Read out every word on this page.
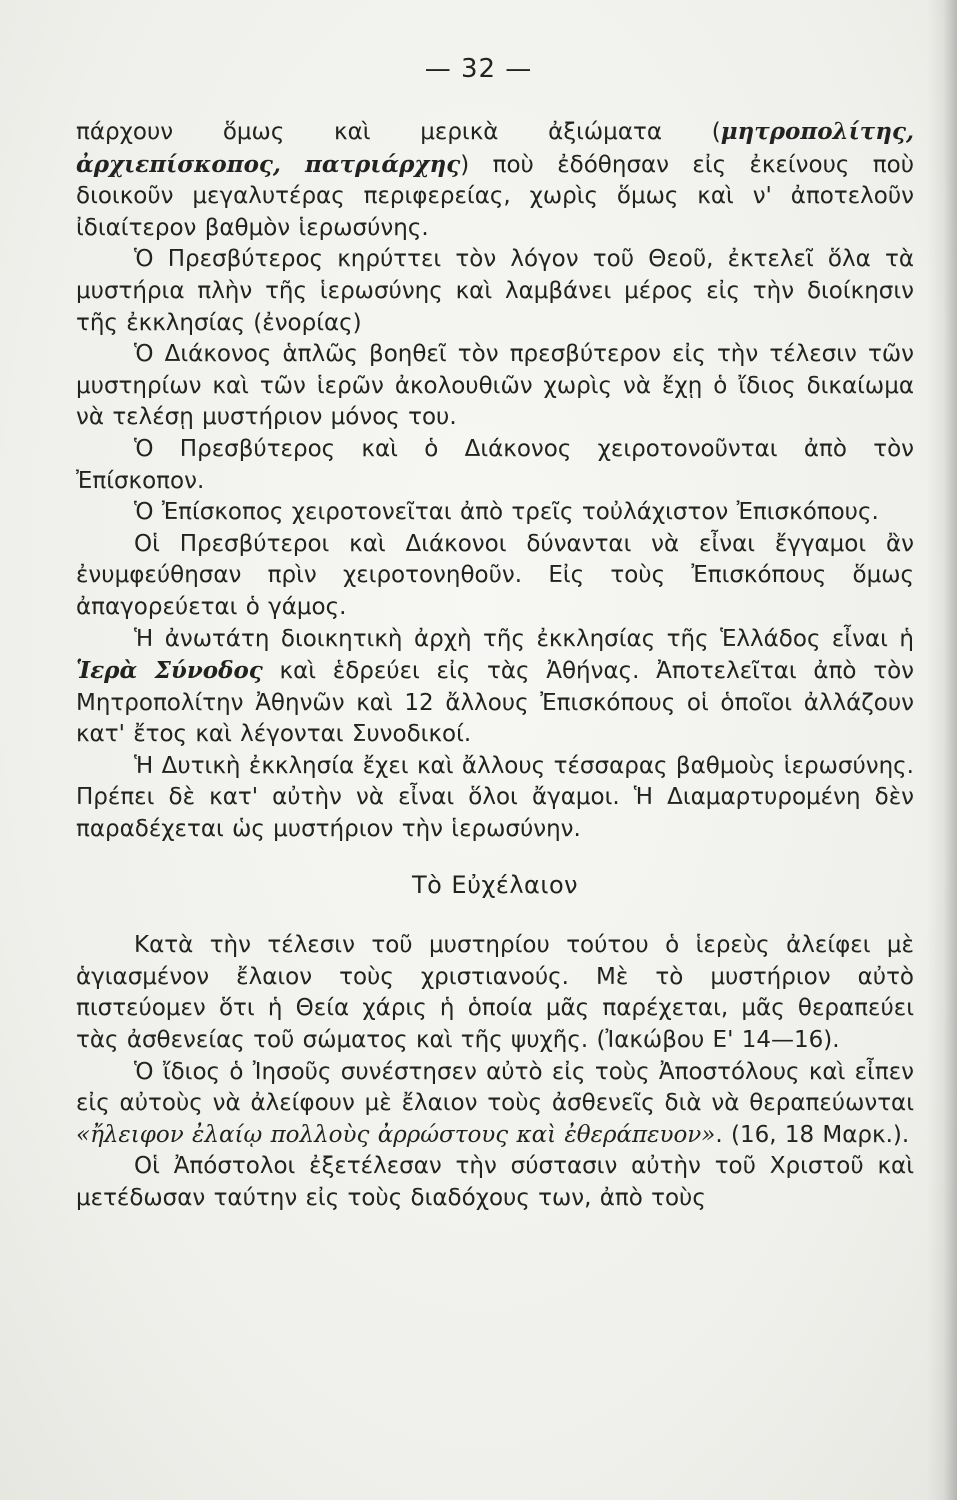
— 32 —

πάρχουν ὅμως καὶ μερικὰ ἀξιώματα (μητροπολίτης, ἀρχιεπίσκοπος, πατριάρχης) ποὺ ἐδόθησαν εἰς ἐκείνους ποὺ διοικοῦν μεγαλυτέρας περιφερείας, χωρὶς ὅμως καὶ ν' ἀποτελοῦν ἰδιαίτερον βαθμὸν ἱερωσύνης.

Ὁ Πρεσβύτερος κηρύττει τὸν λόγον τοῦ Θεοῦ, ἐκτελεῖ ὅλα τὰ μυστήρια πλὴν τῆς ἱερωσύνης καὶ λαμβάνει μέρος εἰς τὴν διοίκησιν τῆς ἐκκλησίας (ἐνορίας)

Ὁ Διάκονος ἁπλῶς βοηθεῖ τὸν πρεσβύτερον εἰς τὴν τέλεσιν τῶν μυστηρίων καὶ τῶν ἱερῶν ἀκολουθιῶν χωρὶς νὰ ἔχῃ ὁ ἴδιος δικαίωμα νὰ τελέσῃ μυστήριον μόνος του.

Ὁ Πρεσβύτερος καὶ ὁ Διάκονος χειροτονοῦνται ἀπὸ τὸν Ἐπίσκοπον.

Ὁ Ἐπίσκοπος χειροτονεῖται ἀπὸ τρεῖς τοὐλάχιστον Ἐπισκόπους.

Οἱ Πρεσβύτεροι καὶ Διάκονοι δύνανται νὰ εἶναι ἔγγαμοι ἂν ἐνυμφεύθησαν πρὶν χειροτονηθοῦν. Εἰς τοὺς Ἐπισκόπους ὅμως ἀπαγορεύεται ὁ γάμος.

Ἡ ἀνωτάτη διοικητικὴ ἀρχὴ τῆς ἐκκλησίας τῆς Ἑλλάδος εἶναι ἡ Ἱερὰ Σύνοδος καὶ ἑδρεύει εἰς τὰς Ἀθήνας. Ἀποτελεῖται ἀπὸ τὸν Μητροπολίτην Ἀθηνῶν καὶ 12 ἄλλους Ἐπισκόπους οἱ ὁποῖοι ἀλλάζουν κατ' ἔτος καὶ λέγονται Συνοδικοί.

Ἡ Δυτικὴ ἐκκλησία ἔχει καὶ ἄλλους τέσσαρας βαθμοὺς ἱερωσύνης. Πρέπει δὲ κατ' αὐτὴν νὰ εἶναι ὅλοι ἄγαμοι. Ἡ Διαμαρτυρομένη δὲν παραδέχεται ὡς μυστήριον τὴν ἱερωσύνην.

Τὸ Εὐχέλαιον

Κατὰ τὴν τέλεσιν τοῦ μυστηρίου τούτου ὁ ἱερεὺς ἀλείφει μὲ ἁγιασμένον ἔλαιον τοὺς χριστιανούς. Μὲ τὸ μυστήριον αὐτὸ πιστεύομεν ὅτι ἡ Θεία χάρις ἡ ὁποία μᾶς παρέχεται, μᾶς θεραπεύει τὰς ἀσθενείας τοῦ σώματος καὶ τῆς ψυχῆς. (Ἰακώβου Ε' 14—16).

Ὁ ἴδιος ὁ Ἰησοῦς συνέστησεν αὐτὸ εἰς τοὺς Ἀποστόλους καὶ εἶπεν εἰς αὐτοὺς νὰ ἀλείφουν μὲ ἔλαιον τοὺς ἀσθενεῖς διὰ νὰ θεραπεύωνται «ἤλειφον ἐλαίῳ πολλοὺς ἀρρώστους καὶ ἐθεράπευον». (16, 18 Μαρκ.).

Οἱ Ἀπόστολοι ἐξετέλεσαν τὴν σύστασιν αὐτὴν τοῦ Χριστοῦ καὶ μετέδωσαν ταύτην εἰς τοὺς διαδόχους των, ἀπὸ τοὺς
